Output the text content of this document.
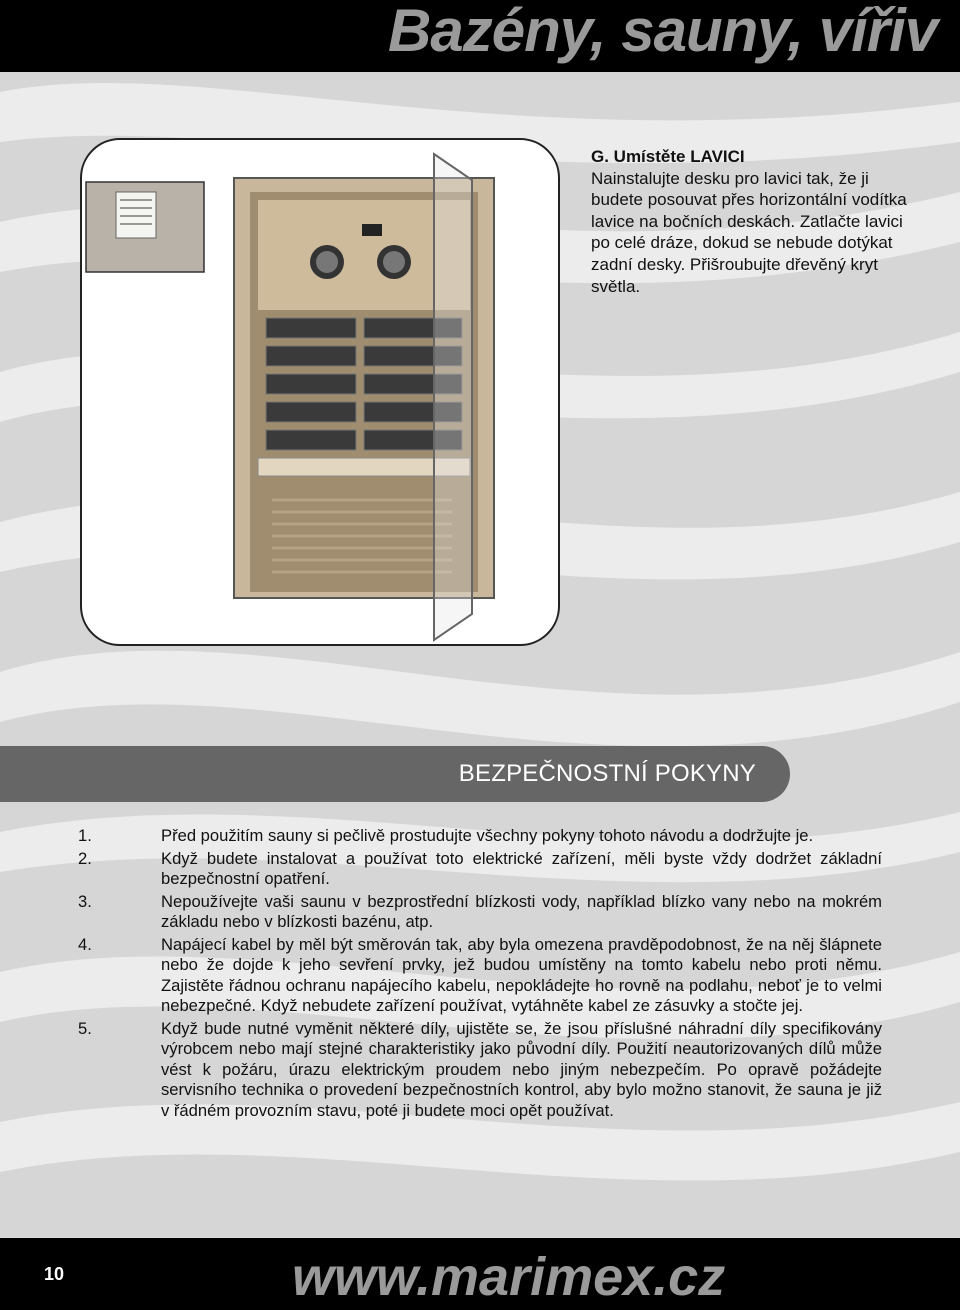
Bazény, sauny, vířiv
G. Umístěte LAVICI
Nainstalujte desku pro lavici tak, že ji budete posouvat přes horizontální vodítka lavice na bočních deskách. Zatlačte lavici po celé dráze, dokud se nebude dotýkat zadní desky. Přišroubujte dřevěný kryt světla.
BEZPEČNOSTNÍ POKYNY
1.	Před použitím sauny si pečlivě prostudujte všechny pokyny tohoto návodu a dodržujte je.
2.	Když budete instalovat a používat toto elektrické zařízení, měli byste vždy dodržet základní bezpečnostní opatření.
3.	Nepoužívejte vaši saunu v bezprostřední blízkosti vody, například blízko vany nebo na mokrém základu nebo v blízkosti bazénu, atp.
4.	Napájecí kabel by měl být směrován tak, aby byla omezena pravděpodobnost, že na něj šlápnete nebo že dojde k jeho sevření prvky, jež budou umístěny na tomto kabelu nebo proti němu. Zajistěte řádnou ochranu napájecího kabelu, nepokládejte ho rovně na podlahu, neboť je to velmi nebezpečné. Když nebudete zařízení používat, vytáhněte kabel ze zásuvky a stočte jej.
5.	Když bude nutné vyměnit některé díly, ujistěte se, že jsou příslušné náhradní díly specifikovány výrobcem nebo mají stejné charakteristiky jako původní díly. Použití neautorizovaných dílů může vést k požáru, úrazu elektrickým proudem nebo jiným nebezpečím. Po opravě požádejte servisního technika o provedení bezpečnostních kontrol, aby bylo možno stanovit, že sauna je již v řádném provozním stavu, poté ji budete moci opět používat.
10	www.marimex.cz
